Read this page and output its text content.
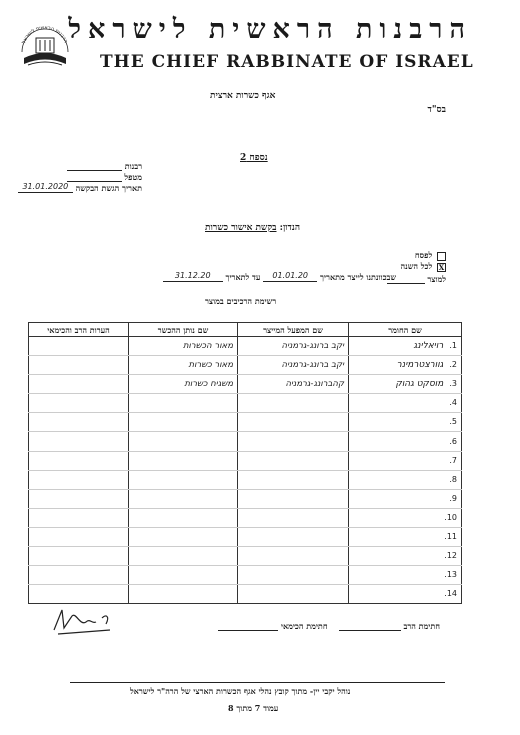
הרבנות הראשית לישראל הרבנות הראשית לישראל
THE CHIEF RABBINATE OF ISRAEL
אגף כשרות ארצית
בס"ד
נספח 2
רבנות
מטפל
תאריך הגשת הבקשה 31.01.2020
הנדון: בקשת אישור כשרות
לפסח
X לכל השנה
למוצר
שבכוונתנו לייצר מתאריך 01.01.20 עד לתאריך 31.12.20
רשימת הרכיבים במוצר
שם החומר	שם המפעל המייצר	שם נותן ההכשר	הערות הרב והכימאי
1.רויאלינג	יקב ברונג-גרמניה	מאור הכשרות	
2.גוורצטרמינר	יקב ברונג-גרמניה	מאור כשרות	
3.מוסקט גהוק	קהברונג-גרמניה	משגיח כשרות	
4.			
5.			
6.			
7.			
8.			
9.			
10.			
11.			
12.			
13.			
14.			
חתימת הרב     חתימת הכימאי
נוהל יקבי יין- מתוך קובץ נהלי אגף הכשרות הארצי של הרה"ר לישראל
עמוד 7 מתוך 8
